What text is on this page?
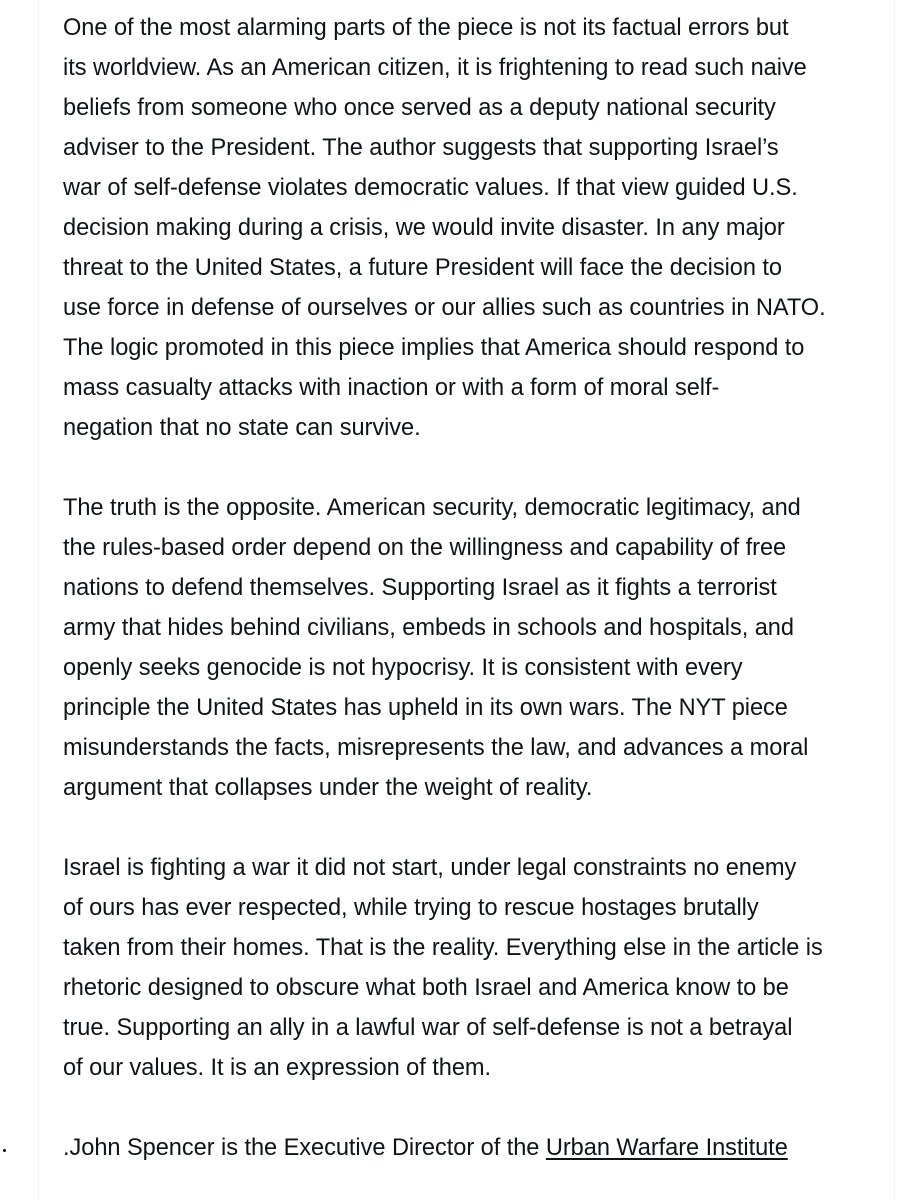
One of the most alarming parts of the piece is not its factual errors but
its worldview. As an American citizen, it is frightening to read such naive
beliefs from someone who once served as a deputy national security
adviser to the President. The author suggests that supporting Israel’s
war of self-defense violates democratic values. If that view guided U.S.
decision making during a crisis, we would invite disaster. In any major
threat to the United States, a future President will face the decision to
use force in defense of ourselves or our allies such as countries in NATO.
The logic promoted in this piece implies that America should respond to
mass casualty attacks with inaction or with a form of moral self-
negation that no state can survive.

The truth is the opposite. American security, democratic legitimacy, and
the rules-based order depend on the willingness and capability of free
nations to defend themselves. Supporting Israel as it fights a terrorist
army that hides behind civilians, embeds in schools and hospitals, and
openly seeks genocide is not hypocrisy. It is consistent with every
principle the United States has upheld in its own wars. The NYT piece
misunderstands the facts, misrepresents the law, and advances a moral
argument that collapses under the weight of reality.

Israel is fighting a war it did not start, under legal constraints no enemy
of ours has ever respected, while trying to rescue hostages brutally
taken from their homes. That is the reality. Everything else in the article is
rhetoric designed to obscure what both Israel and America know to be
true. Supporting an ally in a lawful war of self-defense is not a betrayal
of our values. It is an expression of them.

.John Spencer is the Executive Director of the Urban Warfare Institute
